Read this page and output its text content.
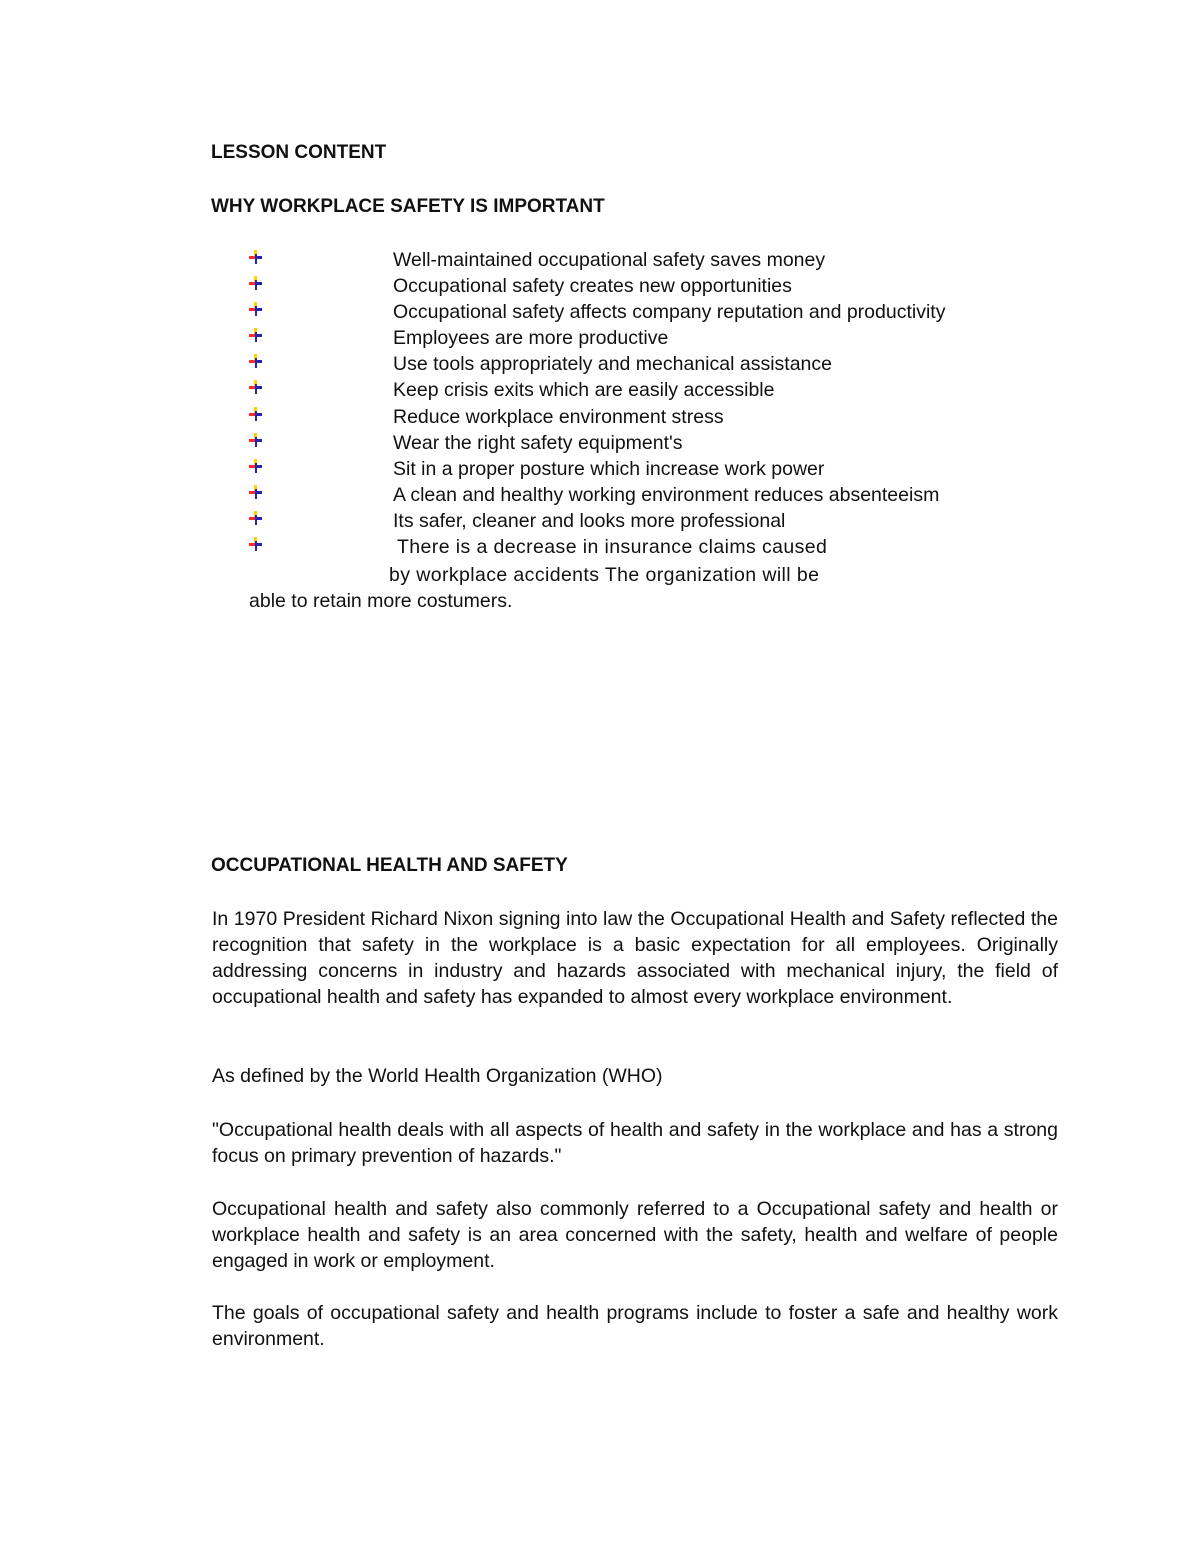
LESSON CONTENT
WHY WORKPLACE SAFETY IS IMPORTANT
Well-maintained occupational safety saves money
Occupational safety creates new opportunities
Occupational safety affects company reputation and productivity
Employees are more productive
Use tools appropriately and mechanical assistance
Keep crisis exits which are easily accessible
Reduce workplace environment stress
Wear the right safety equipment's
Sit in a proper posture which increase work power
A clean and healthy working environment reduces absenteeism
Its safer, cleaner and looks more professional
There is a decrease in insurance claims caused
by workplace accidents The organization will be
able to retain more costumers.
OCCUPATIONAL HEALTH AND SAFETY

In 1970 President Richard Nixon signing into law the Occupational Health and Safety reflected the recognition that safety in the workplace is a basic expectation for all employees. Originally addressing concerns in industry and hazards associated with mechanical injury, the field of occupational health and safety has expanded to almost every workplace environment.

As defined by the World Health Organization (WHO)

"Occupational health deals with all aspects of health and safety in the workplace and has a strong focus on primary prevention of hazards."

Occupational health and safety also commonly referred to a Occupational safety and health or workplace health and safety is an area concerned with the safety, health and welfare of people engaged in work or employment.

The goals of occupational safety and health programs include to foster a safe and healthy work environment.
